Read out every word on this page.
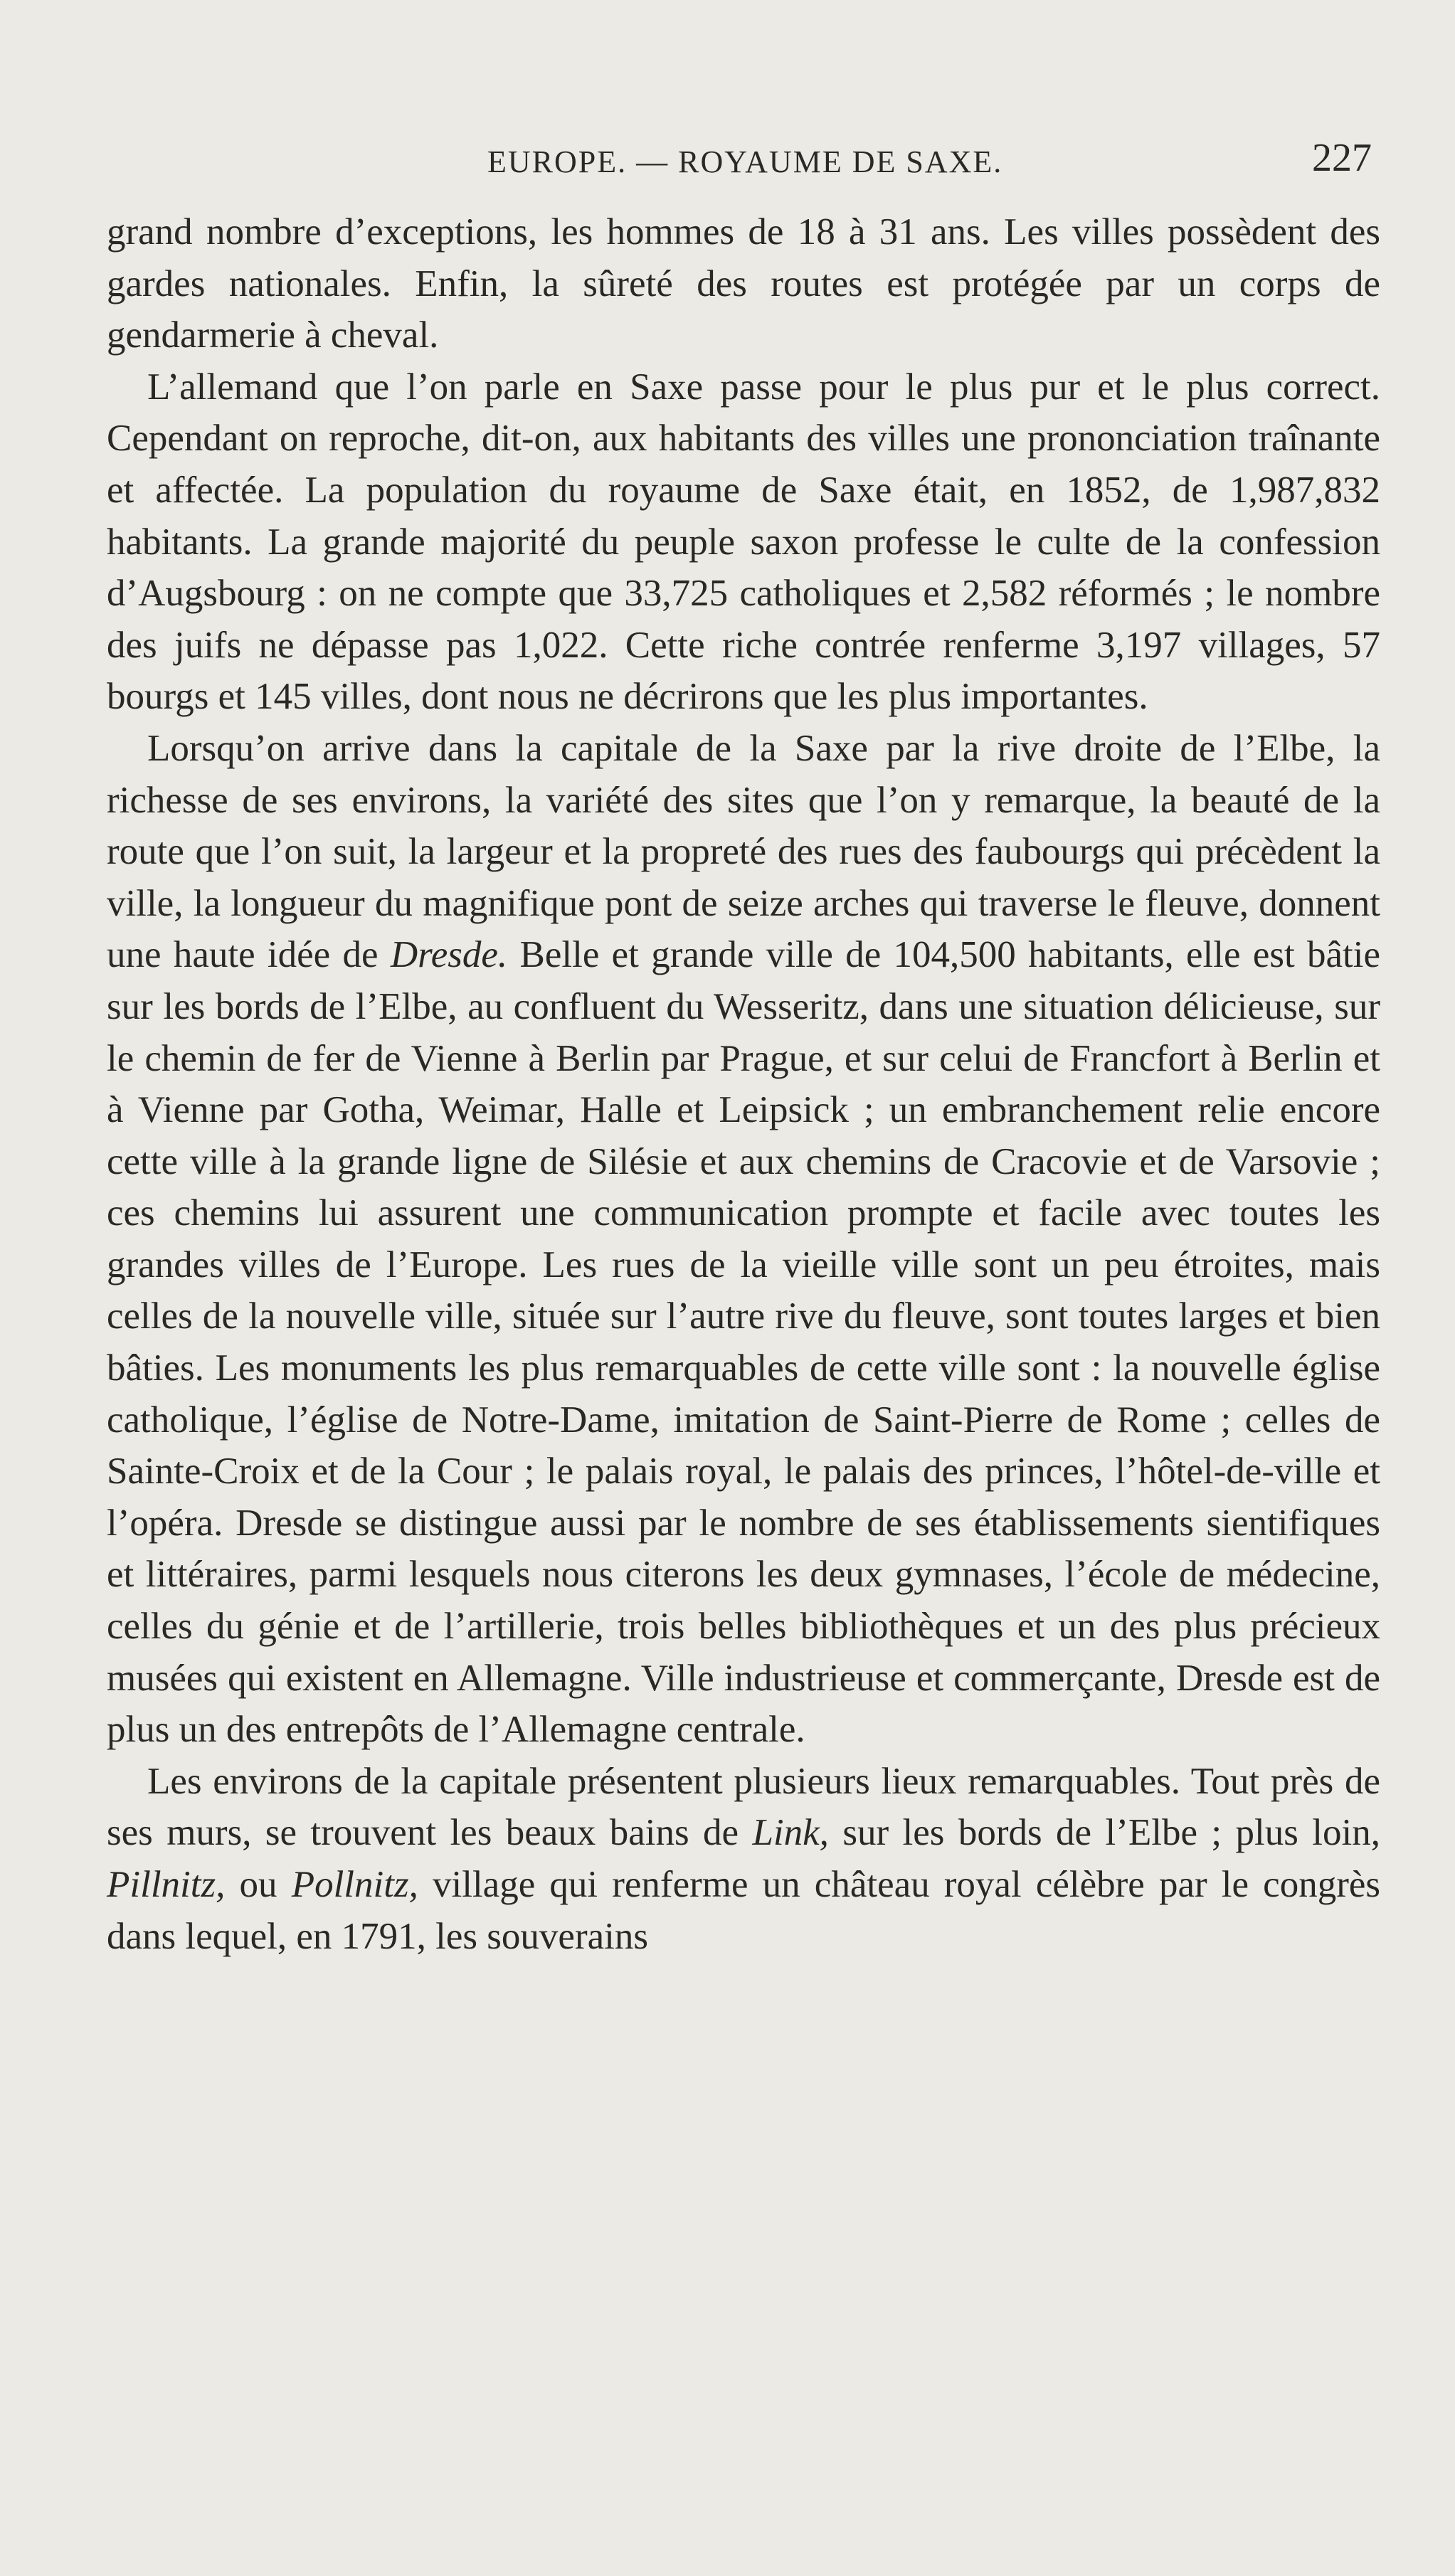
EUROPE. — ROYAUME DE SAXE.	227

grand nombre d’exceptions, les hommes de 18 à 31 ans. Les villes possèdent des gardes nationales. Enfin, la sûreté des routes est protégée par un corps de gendarmerie à cheval.

L’allemand que l’on parle en Saxe passe pour le plus pur et le plus correct. Cependant on reproche, dit-on, aux habitants des villes une prononciation traînante et affectée. La population du royaume de Saxe était, en 1852, de 1,987,832 habitants. La grande majorité du peuple saxon professe le culte de la confession d’Augsbourg : on ne compte que 33,725 catholiques et 2,582 réformés ; le nombre des juifs ne dépasse pas 1,022. Cette riche contrée renferme 3,197 villages, 57 bourgs et 145 villes, dont nous ne décrirons que les plus importantes.

Lorsqu’on arrive dans la capitale de la Saxe par la rive droite de l’Elbe, la richesse de ses environs, la variété des sites que l’on y remarque, la beauté de la route que l’on suit, la largeur et la propreté des rues des faubourgs qui précèdent la ville, la longueur du magnifique pont de seize arches qui traverse le fleuve, donnent une haute idée de Dresde. Belle et grande ville de 104,500 habitants, elle est bâtie sur les bords de l’Elbe, au confluent du Wesseritz, dans une situation délicieuse, sur le chemin de fer de Vienne à Berlin par Prague, et sur celui de Francfort à Berlin et à Vienne par Gotha, Weimar, Halle et Leipsick ; un embranchement relie encore cette ville à la grande ligne de Silésie et aux chemins de Cracovie et de Varsovie ; ces chemins lui assurent une communication prompte et facile avec toutes les grandes villes de l’Europe. Les rues de la vieille ville sont un peu étroites, mais celles de la nouvelle ville, située sur l’autre rive du fleuve, sont toutes larges et bien bâties. Les monuments les plus remarquables de cette ville sont : la nouvelle église catholique, l’église de Notre-Dame, imitation de Saint-Pierre de Rome ; celles de Sainte-Croix et de la Cour ; le palais royal, le palais des princes, l’hôtel-de-ville et l’opéra. Dresde se distingue aussi par le nombre de ses établissements sientifiques et littéraires, parmi lesquels nous citerons les deux gymnases, l’école de médecine, celles du génie et de l’artillerie, trois belles bibliothèques et un des plus précieux musées qui existent en Allemagne. Ville industrieuse et commerçante, Dresde est de plus un des entrepôts de l’Allemagne centrale.

Les environs de la capitale présentent plusieurs lieux remarquables. Tout près de ses murs, se trouvent les beaux bains de Link, sur les bords de l’Elbe ; plus loin, Pillnitz, ou Pollnitz, village qui renferme un château royal célèbre par le congrès dans lequel, en 1791, les souverains
